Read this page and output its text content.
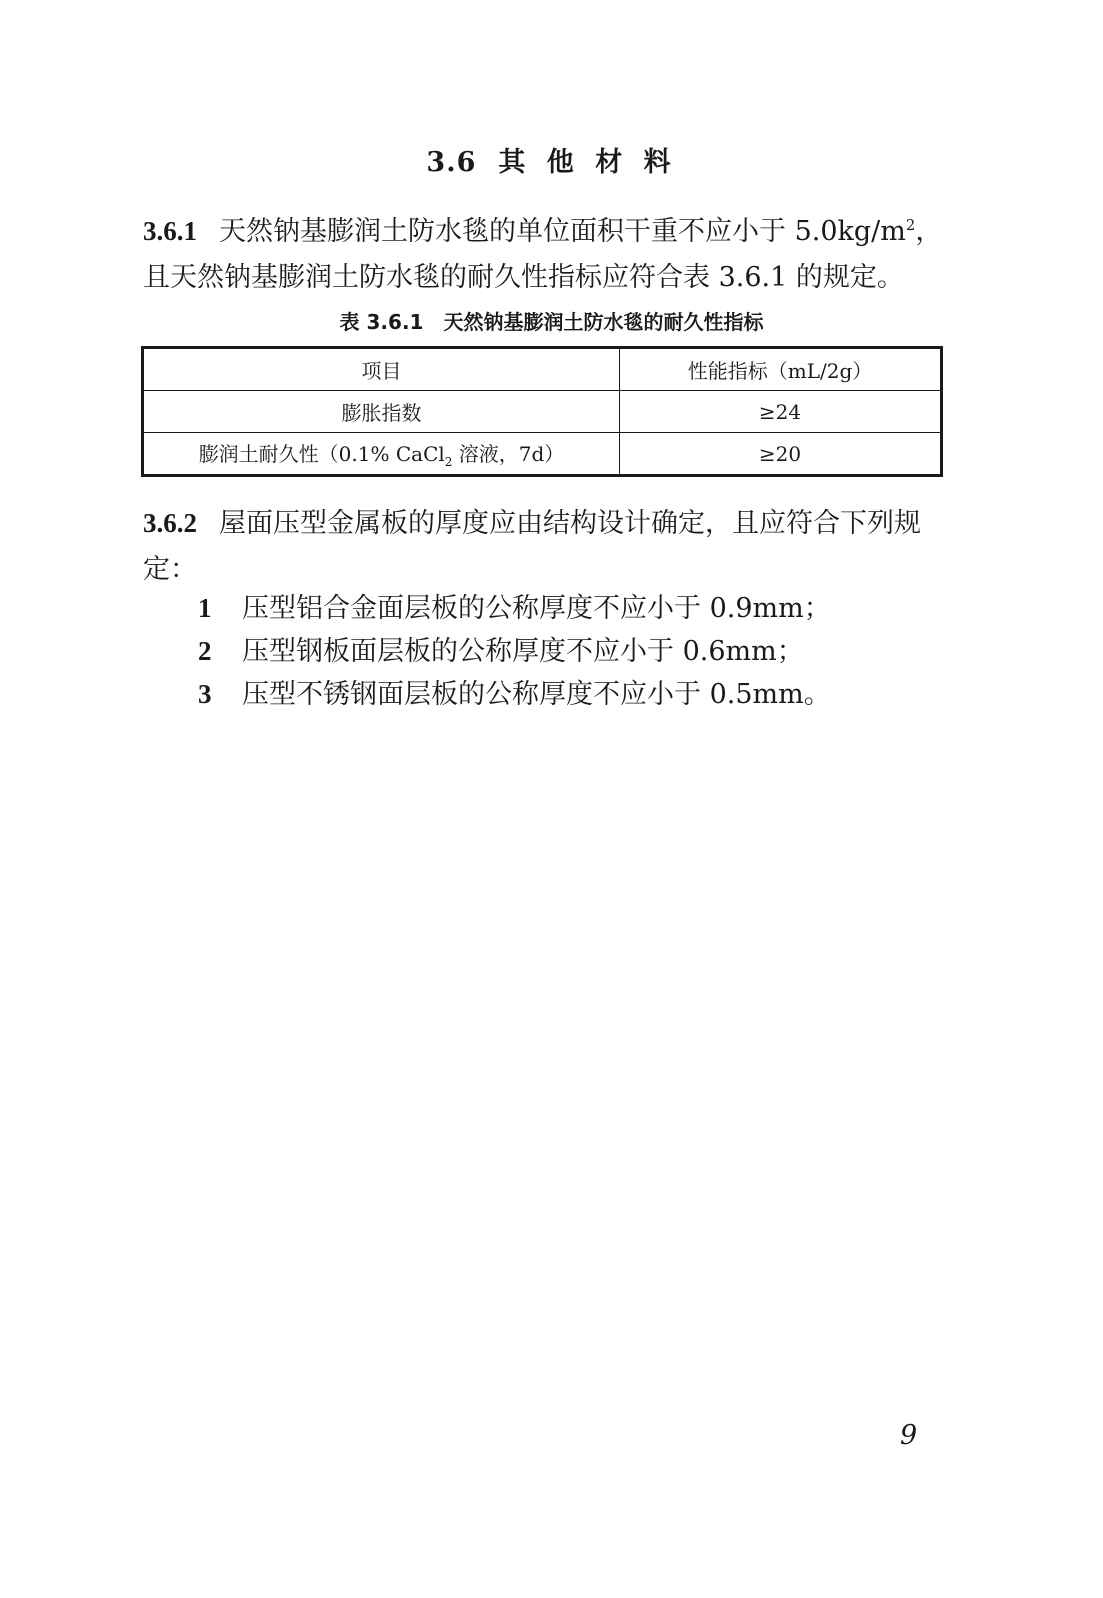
3.6 其 他 材 料
3.6.1 天然钠基膨润土防水毯的单位面积干重不应小于 $5.0kg/m^2$，且天然钠基膨润土防水毯的耐久性指标应符合表 3.6.1 的规定。
表 3.6.1 天然钠基膨润土防水毯的耐久性指标
项目	性能指标（mL/2g）
膨胀指数	≥24
膨润土耐久性（0.1% CaCl$_2$ 溶液，7d）	≥20
3.6.2 屋面压型金属板的厚度应由结构设计确定，且应符合下列规定：
1 压型铝合金面层板的公称厚度不应小于 0.9mm；
2 压型钢板面层板的公称厚度不应小于 0.6mm；
3 压型不锈钢面层板的公称厚度不应小于 0.5mm。
9
